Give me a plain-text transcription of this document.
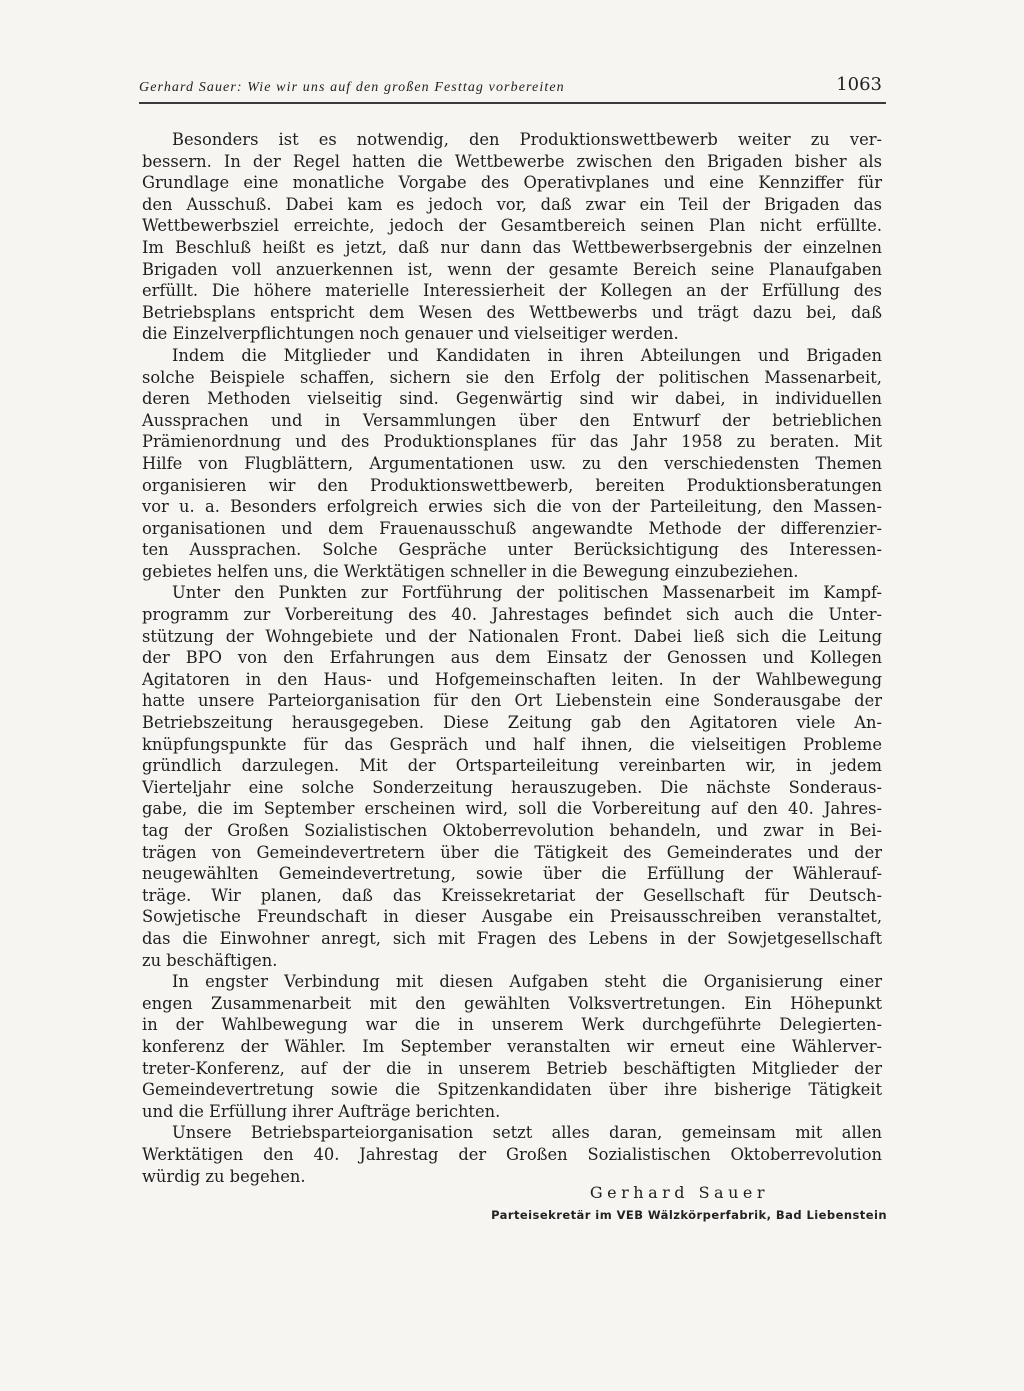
Gerhard Sauer: Wie wir uns auf den großen Festtag vorbereiten	1063
Besonders ist es notwendig, den Produktionswettbewerb weiter zu ver-
bessern. In der Regel hatten die Wettbewerbe zwischen den Brigaden bisher als
Grundlage eine monatliche Vorgabe des Operativplanes und eine Kennziffer für
den Ausschuß. Dabei kam es jedoch vor, daß zwar ein Teil der Brigaden das
Wettbewerbsziel erreichte, jedoch der Gesamtbereich seinen Plan nicht erfüllte.
Im Beschluß heißt es jetzt, daß nur dann das Wettbewerbsergebnis der einzelnen
Brigaden voll anzuerkennen ist, wenn der gesamte Bereich seine Planaufgaben
erfüllt. Die höhere materielle Interessierheit der Kollegen an der Erfüllung des
Betriebsplans entspricht dem Wesen des Wettbewerbs und trägt dazu bei, daß
die Einzelverpflichtungen noch genauer und vielseitiger werden.
Indem die Mitglieder und Kandidaten in ihren Abteilungen und Brigaden
solche Beispiele schaffen, sichern sie den Erfolg der politischen Massenarbeit,
deren Methoden vielseitig sind. Gegenwärtig sind wir dabei, in individuellen
Aussprachen und in Versammlungen über den Entwurf der betrieblichen
Prämienordnung und des Produktionsplanes für das Jahr 1958 zu beraten. Mit
Hilfe von Flugblättern, Argumentationen usw. zu den verschiedensten Themen
organisieren wir den Produktionswettbewerb, bereiten Produktionsberatungen
vor u. a. Besonders erfolgreich erwies sich die von der Parteileitung, den Massen-
organisationen und dem Frauenausschuß angewandte Methode der differenzier-
ten Aussprachen. Solche Gespräche unter Berücksichtigung des Interessen-
gebietes helfen uns, die Werktätigen schneller in die Bewegung einzubeziehen.
Unter den Punkten zur Fortführung der politischen Massenarbeit im Kampf-
programm zur Vorbereitung des 40. Jahrestages befindet sich auch die Unter-
stützung der Wohngebiete und der Nationalen Front. Dabei ließ sich die Leitung
der BPO von den Erfahrungen aus dem Einsatz der Genossen und Kollegen
Agitatoren in den Haus- und Hofgemeinschaften leiten. In der Wahlbewegung
hatte unsere Parteiorganisation für den Ort Liebenstein eine Sonderausgabe der
Betriebszeitung herausgegeben. Diese Zeitung gab den Agitatoren viele An-
knüpfungspunkte für das Gespräch und half ihnen, die vielseitigen Probleme
gründlich darzulegen. Mit der Ortsparteileitung vereinbarten wir, in jedem
Vierteljahr eine solche Sonderzeitung herauszugeben. Die nächste Sonderaus-
gabe, die im September erscheinen wird, soll die Vorbereitung auf den 40. Jahres-
tag der Großen Sozialistischen Oktoberrevolution behandeln, und zwar in Bei-
trägen von Gemeindevertretern über die Tätigkeit des Gemeinderates und der
neugewählten Gemeindevertretung, sowie über die Erfüllung der Wählerauf-
träge. Wir planen, daß das Kreissekretariat der Gesellschaft für Deutsch-
Sowjetische Freundschaft in dieser Ausgabe ein Preisausschreiben veranstaltet,
das die Einwohner anregt, sich mit Fragen des Lebens in der Sowjetgesellschaft
zu beschäftigen.
In engster Verbindung mit diesen Aufgaben steht die Organisierung einer
engen Zusammenarbeit mit den gewählten Volksvertretungen. Ein Höhepunkt
in der Wahlbewegung war die in unserem Werk durchgeführte Delegierten-
konferenz der Wähler. Im September veranstalten wir erneut eine Wählerver-
treter-Konferenz, auf der die in unserem Betrieb beschäftigten Mitglieder der
Gemeindevertretung sowie die Spitzenkandidaten über ihre bisherige Tätigkeit
und die Erfüllung ihrer Aufträge berichten.
Unsere Betriebsparteiorganisation setzt alles daran, gemeinsam mit allen
Werktätigen den 40. Jahrestag der Großen Sozialistischen Oktoberrevolution
würdig zu begehen.
Gerhard Sauer
Parteisekretär im VEB Wälzkörperfabrik, Bad Liebenstein
